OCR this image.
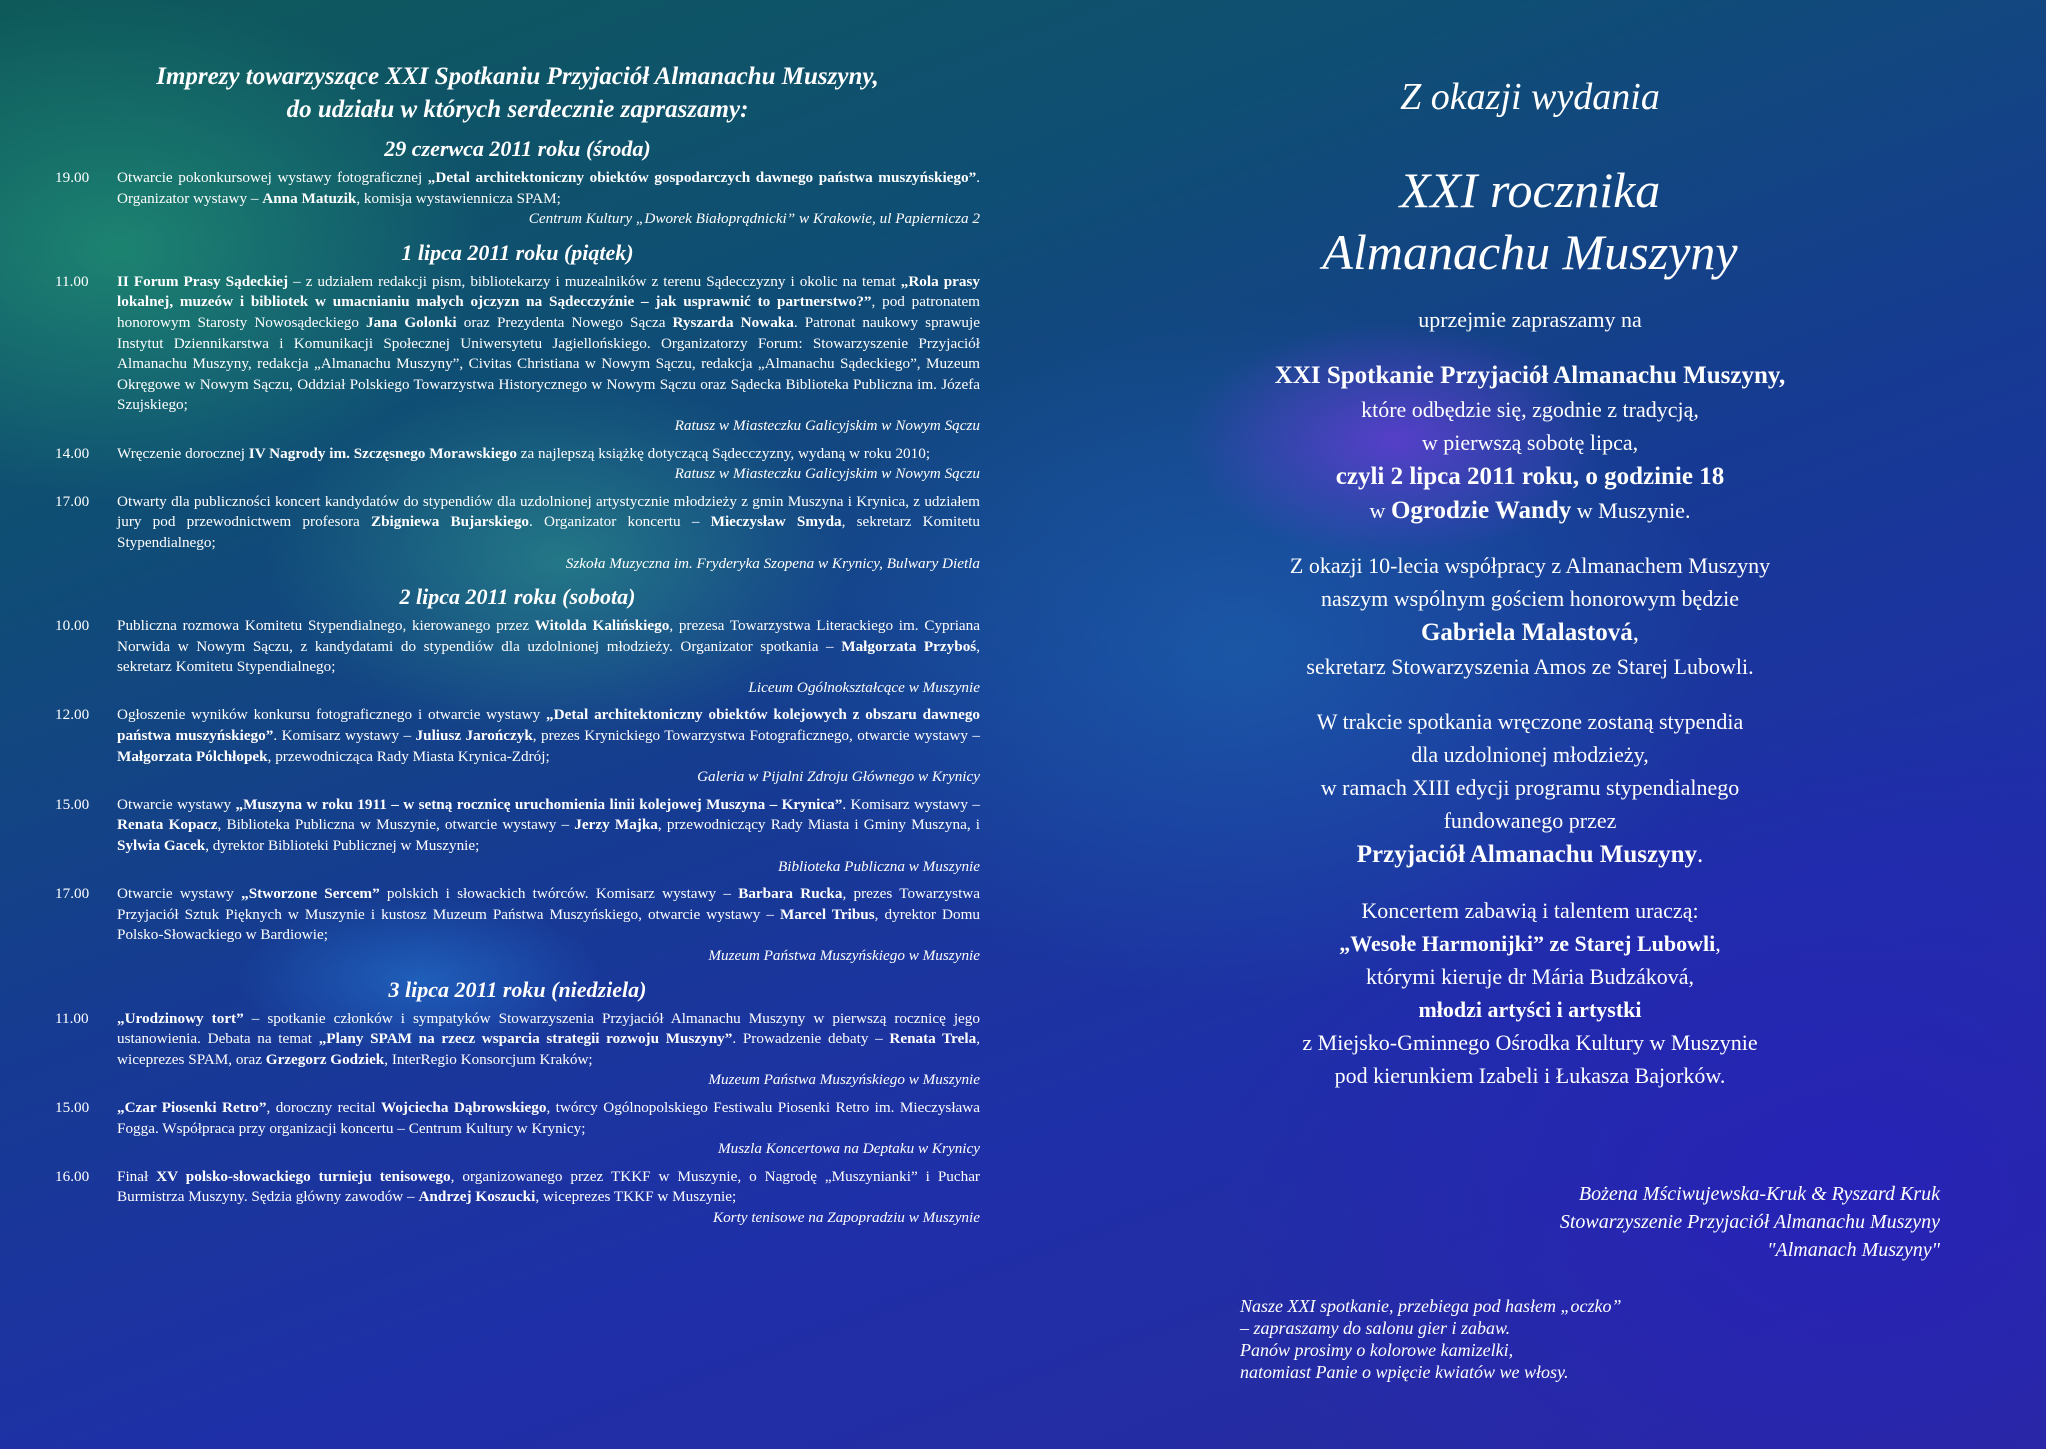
Imprezy towarzyszące XXI Spotkaniu Przyjaciół Almanachu Muszyny,
do udziału w których serdecznie zapraszamy:
29 czerwca 2011 roku (środa)
19.00	Otwarcie pokonkursowej wystawy fotograficznej „Detal architektoniczny obiektów gospodarczych dawnego państwa muszyńskiego”. Organizator wystawy – Anna Matuzik, komisja wystawiennicza SPAM;
Centrum Kultury „Dworek Białoprądnicki” w Krakowie, ul Papiernicza 2
1 lipca 2011 roku (piątek)
11.00	II Forum Prasy Sądeckiej – z udziałem redakcji pism, bibliotekarzy i muzealników z terenu Sądecczyzny i okolic na temat „Rola prasy lokalnej, muzeów i bibliotek w umacnianiu małych ojczyzn na Sądecczyźnie – jak usprawnić to partnerstwo?”, pod patronatem honorowym Starosty Nowosądeckiego Jana Golonki oraz Prezydenta Nowego Sącza Ryszarda Nowaka. Patronat naukowy sprawuje Instytut Dziennikarstwa i Komunikacji Społecznej Uniwersytetu Jagiellońskiego. Organizatorzy Forum: Stowarzyszenie Przyjaciół Almanachu Muszyny, redakcja „Almanachu Muszyny”, Civitas Christiana w Nowym Sączu, redakcja „Almanachu Sądeckiego”, Muzeum Okręgowe w Nowym Sączu, Oddział Polskiego Towarzystwa Historycznego w Nowym Sączu oraz Sądecka Biblioteka Publiczna im. Józefa Szujskiego;
Ratusz w Miasteczku Galicyjskim w Nowym Sączu
14.00	Wręczenie dorocznej IV Nagrody im. Szczęsnego Morawskiego za najlepszą książkę dotyczącą Sądecczyzny, wydaną w roku 2010;
Ratusz w Miasteczku Galicyjskim w Nowym Sączu
17.00	Otwarty dla publiczności koncert kandydatów do stypendiów dla uzdolnionej artystycznie młodzieży z gmin Muszyna i Krynica, z udziałem jury pod przewodnictwem profesora Zbigniewa Bujarskiego. Organizator koncertu – Mieczysław Smyda, sekretarz Komitetu Stypendialnego;
Szkoła Muzyczna im. Fryderyka Szopena w Krynicy, Bulwary Dietla
2 lipca 2011 roku (sobota)
10.00	Publiczna rozmowa Komitetu Stypendialnego, kierowanego przez Witolda Kalińskiego, prezesa Towarzystwa Literackiego im. Cypriana Norwida w Nowym Sączu, z kandydatami do stypendiów dla uzdolnionej młodzieży. Organizator spotkania – Małgorzata Przyboś, sekretarz Komitetu Stypendialnego;
Liceum Ogólnokształcące w Muszynie
12.00	Ogłoszenie wyników konkursu fotograficznego i otwarcie wystawy „Detal architektoniczny obiektów kolejowych z obszaru dawnego państwa muszyńskiego”. Komisarz wystawy – Juliusz Jarończyk, prezes Krynickiego Towarzystwa Fotograficznego, otwarcie wystawy – Małgorzata Pólchłopek, przewodnicząca Rady Miasta Krynica-Zdrój;
Galeria w Pijalni Zdroju Głównego w Krynicy
15.00	Otwarcie wystawy „Muszyna w roku 1911 – w setną rocznicę uruchomienia linii kolejowej Muszyna – Krynica”. Komisarz wystawy – Renata Kopacz, Biblioteka Publiczna w Muszynie, otwarcie wystawy – Jerzy Majka, przewodniczący Rady Miasta i Gminy Muszyna, i Sylwia Gacek, dyrektor Biblioteki Publicznej w Muszynie;
Biblioteka Publiczna w Muszynie
17.00	Otwarcie wystawy „Stworzone Sercem” polskich i słowackich twórców. Komisarz wystawy – Barbara Rucka, prezes Towarzystwa Przyjaciół Sztuk Pięknych w Muszynie i kustosz Muzeum Państwa Muszyńskiego, otwarcie wystawy – Marcel Tribus, dyrektor Domu Polsko-Słowackiego w Bardiowie;
Muzeum Państwa Muszyńskiego w Muszynie
3 lipca 2011 roku (niedziela)
11.00	„Urodzinowy tort” – spotkanie członków i sympatyków Stowarzyszenia Przyjaciół Almanachu Muszyny w pierwszą rocznicę jego ustanowienia. Debata na temat „Plany SPAM na rzecz wsparcia strategii rozwoju Muszyny”. Prowadzenie debaty – Renata Trela, wiceprezes SPAM, oraz Grzegorz Godziek, InterRegio Konsorcjum Kraków;
Muzeum Państwa Muszyńskiego w Muszynie
15.00	„Czar Piosenki Retro”, doroczny recital Wojciecha Dąbrowskiego, twórcy Ogólnopolskiego Festiwalu Piosenki Retro im. Mieczysława Fogga. Współpraca przy organizacji koncertu – Centrum Kultury w Krynicy;
Muszla Koncertowa na Deptaku w Krynicy
16.00	Finał XV polsko-słowackiego turnieju tenisowego, organizowanego przez TKKF w Muszynie, o Nagrodę „Muszynianki” i Puchar Burmistrza Muszyny. Sędzia główny zawodów – Andrzej Koszucki, wiceprezes TKKF w Muszynie;
Korty tenisowe na Zapopradziu w Muszynie
Z okazji wydania
XXI rocznika
Almanachu Muszyny
uprzejmie zapraszamy na
XXI Spotkanie Przyjaciół Almanachu Muszyny,
które odbędzie się, zgodnie z tradycją,
w pierwszą sobotę lipca,
czyli 2 lipca 2011 roku, o godzinie 18
w Ogrodzie Wandy w Muszynie.
Z okazji 10-lecia współpracy z Almanachem Muszyny
naszym wspólnym gościem honorowym będzie
Gabriela Malastová,
sekretarz Stowarzyszenia Amos ze Starej Lubowli.
W trakcie spotkania wręczone zostaną stypendia
dla uzdolnionej młodzieży,
w ramach XIII edycji programu stypendialnego
fundowanego przez
Przyjaciół Almanachu Muszyny.
Koncertem zabawią i talentem uraczą:
„Wesołe Harmonijki” ze Starej Lubowli,
którymi kieruje dr Mária Budzáková,
młodzi artyści i artystki
z Miejsko-Gminnego Ośrodka Kultury w Muszynie
pod kierunkiem Izabeli i Łukasza Bajorków.
Bożena Mściwujewska-Kruk & Ryszard Kruk
Stowarzyszenie Przyjaciół Almanachu Muszyny
"Almanach Muszyny"
Nasze XXI spotkanie, przebiega pod hasłem „oczko”
– zapraszamy do salonu gier i zabaw.
Panów prosimy o kolorowe kamizelki,
natomiast Panie o wpięcie kwiatów we włosy.
